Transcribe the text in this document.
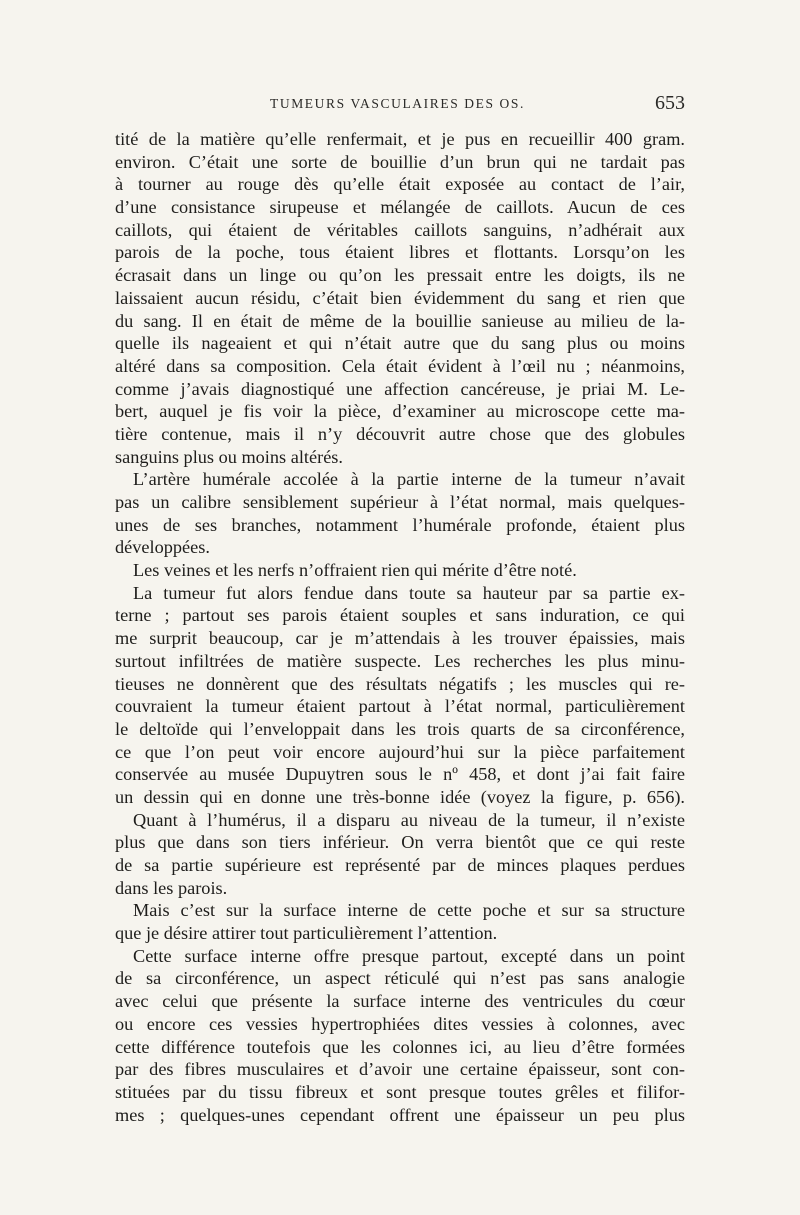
TUMEURS VASCULAIRES DES OS.	653
tité de la matière qu’elle renfermait, et je pus en recueillir 400 gram.
environ. C’était une sorte de bouillie d’un brun qui ne tardait pas
à tourner au rouge dès qu’elle était exposée au contact de l’air,
d’une consistance sirupeuse et mélangée de caillots. Aucun de ces
caillots, qui étaient de véritables caillots sanguins, n’adhérait aux
parois de la poche, tous étaient libres et flottants. Lorsqu’on les
écrasait dans un linge ou qu’on les pressait entre les doigts, ils ne
laissaient aucun résidu, c’était bien évidemment du sang et rien que
du sang. Il en était de même de la bouillie sanieuse au milieu de la-
quelle ils nageaient et qui n’était autre que du sang plus ou moins
altéré dans sa composition. Cela était évident à l’œil nu ; néanmoins,
comme j’avais diagnostiqué une affection cancéreuse, je priai M. Le-
bert, auquel je fis voir la pièce, d’examiner au microscope cette ma-
tière contenue, mais il n’y découvrit autre chose que des globules
sanguins plus ou moins altérés.
L’artère humérale accolée à la partie interne de la tumeur n’avait
pas un calibre sensiblement supérieur à l’état normal, mais quelques-
unes de ses branches, notamment l’humérale profonde, étaient plus
développées.
Les veines et les nerfs n’offraient rien qui mérite d’être noté.
La tumeur fut alors fendue dans toute sa hauteur par sa partie ex-
terne ; partout ses parois étaient souples et sans induration, ce qui
me surprit beaucoup, car je m’attendais à les trouver épaissies, mais
surtout infiltrées de matière suspecte. Les recherches les plus minu-
tieuses ne donnèrent que des résultats négatifs ; les muscles qui re-
couvraient la tumeur étaient partout à l’état normal, particulièrement
le deltoïde qui l’enveloppait dans les trois quarts de sa circonférence,
ce que l’on peut voir encore aujourd’hui sur la pièce parfaitement
conservée au musée Dupuytren sous le nº 458, et dont j’ai fait faire
un dessin qui en donne une très-bonne idée (voyez la figure, p. 656).
Quant à l’humérus, il a disparu au niveau de la tumeur, il n’existe
plus que dans son tiers inférieur. On verra bientôt que ce qui reste
de sa partie supérieure est représenté par de minces plaques perdues
dans les parois.
Mais c’est sur la surface interne de cette poche et sur sa structure
que je désire attirer tout particulièrement l’attention.
Cette surface interne offre presque partout, excepté dans un point
de sa circonférence, un aspect réticulé qui n’est pas sans analogie
avec celui que présente la surface interne des ventricules du cœur
ou encore ces vessies hypertrophiées dites vessies à colonnes, avec
cette différence toutefois que les colonnes ici, au lieu d’être formées
par des fibres musculaires et d’avoir une certaine épaisseur, sont con-
stituées par du tissu fibreux et sont presque toutes grêles et filifor-
mes ; quelques-unes cependant offrent une épaisseur un peu plus
